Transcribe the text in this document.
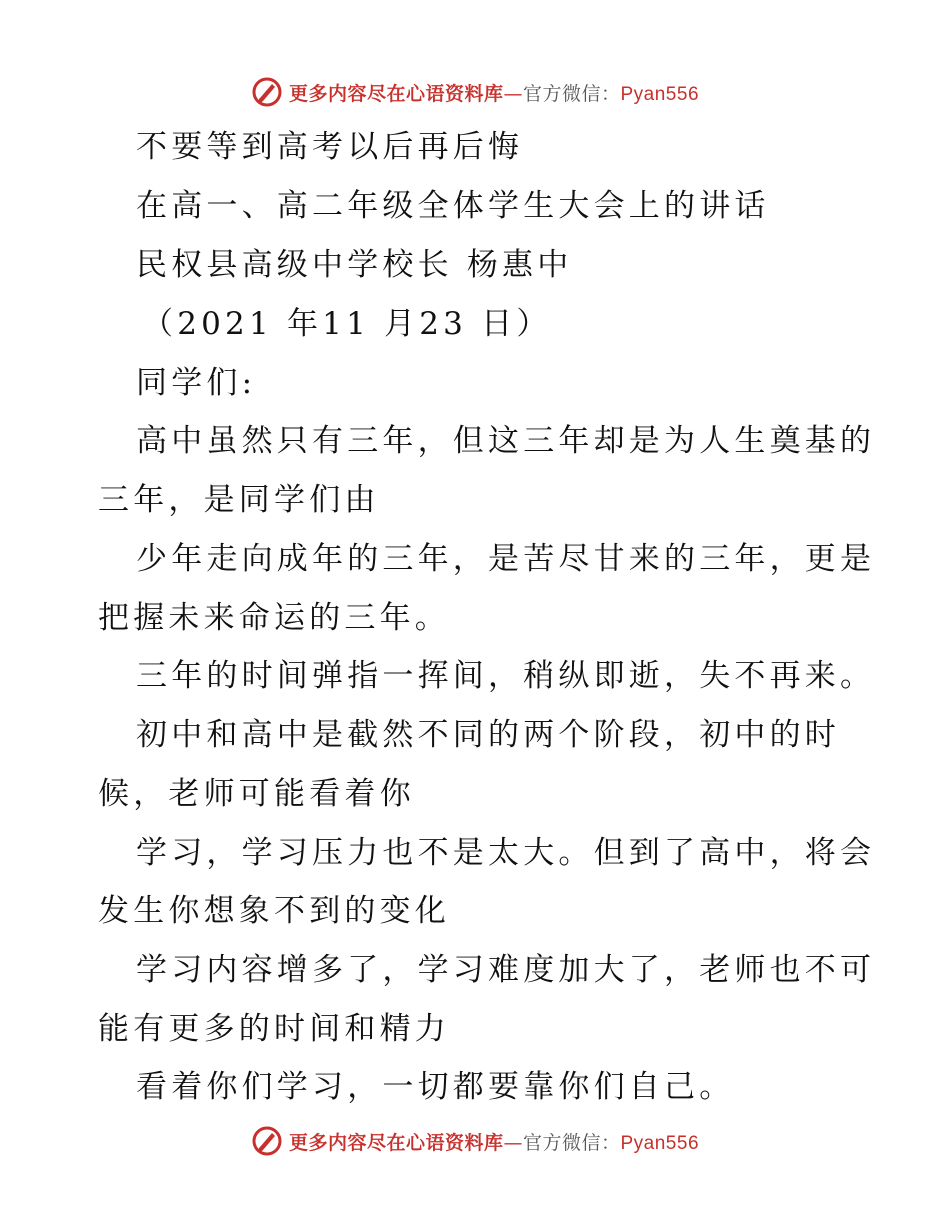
更多内容尽在心语资料库—官方微信：Pyan556
不要等到高考以后再后悔
在高一、高二年级全体学生大会上的讲话
民权县高级中学校长 杨惠中
（2021 年11 月23 日）
同学们:
高中虽然只有三年，但这三年却是为人生奠基的
三年，是同学们由
少年走向成年的三年，是苦尽甘来的三年，更是
把握未来命运的三年。
三年的时间弹指一挥间，稍纵即逝，失不再来。
初中和高中是截然不同的两个阶段，初中的时
候，老师可能看着你
学习，学习压力也不是太大。但到了高中，将会
发生你想象不到的变化
学习内容增多了，学习难度加大了，老师也不可
能有更多的时间和精力
看着你们学习，一切都要靠你们自己。
更多内容尽在心语资料库—官方微信：Pyan556
